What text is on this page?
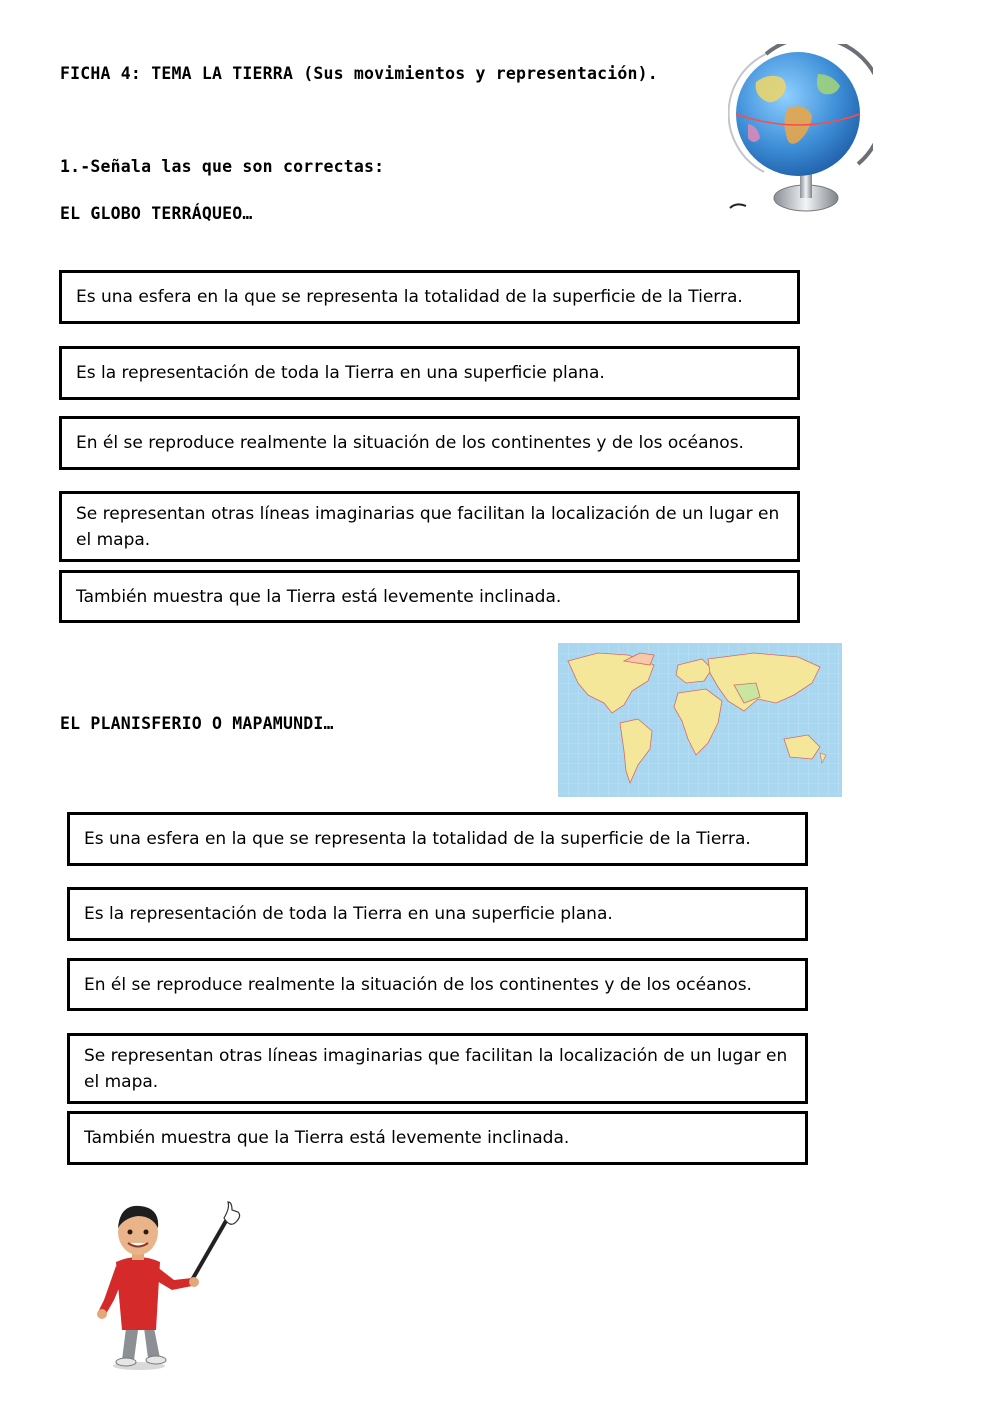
FICHA 4: TEMA LA TIERRA (Sus movimientos y representación).

1.-Señala las que son correctas:

EL GLOBO TERRÁQUEO…
Es una esfera en la que se representa la totalidad de la superficie de la Tierra.
Es la representación de toda la Tierra en una superficie plana.
En él se reproduce realmente la situación de los continentes y de los océanos.
Se representan otras líneas imaginarias que facilitan la localización de un lugar en el mapa.
También muestra que la Tierra está levemente inclinada.
EL PLANISFERIO O MAPAMUNDI…
Es una esfera en la que se representa la totalidad de la superficie de la Tierra.
Es la representación de toda la Tierra en una superficie plana.
En él se reproduce realmente la situación de los continentes y de los océanos.
Se representan otras líneas imaginarias que facilitan la localización de un lugar en el mapa.
También muestra que la Tierra está levemente inclinada.
